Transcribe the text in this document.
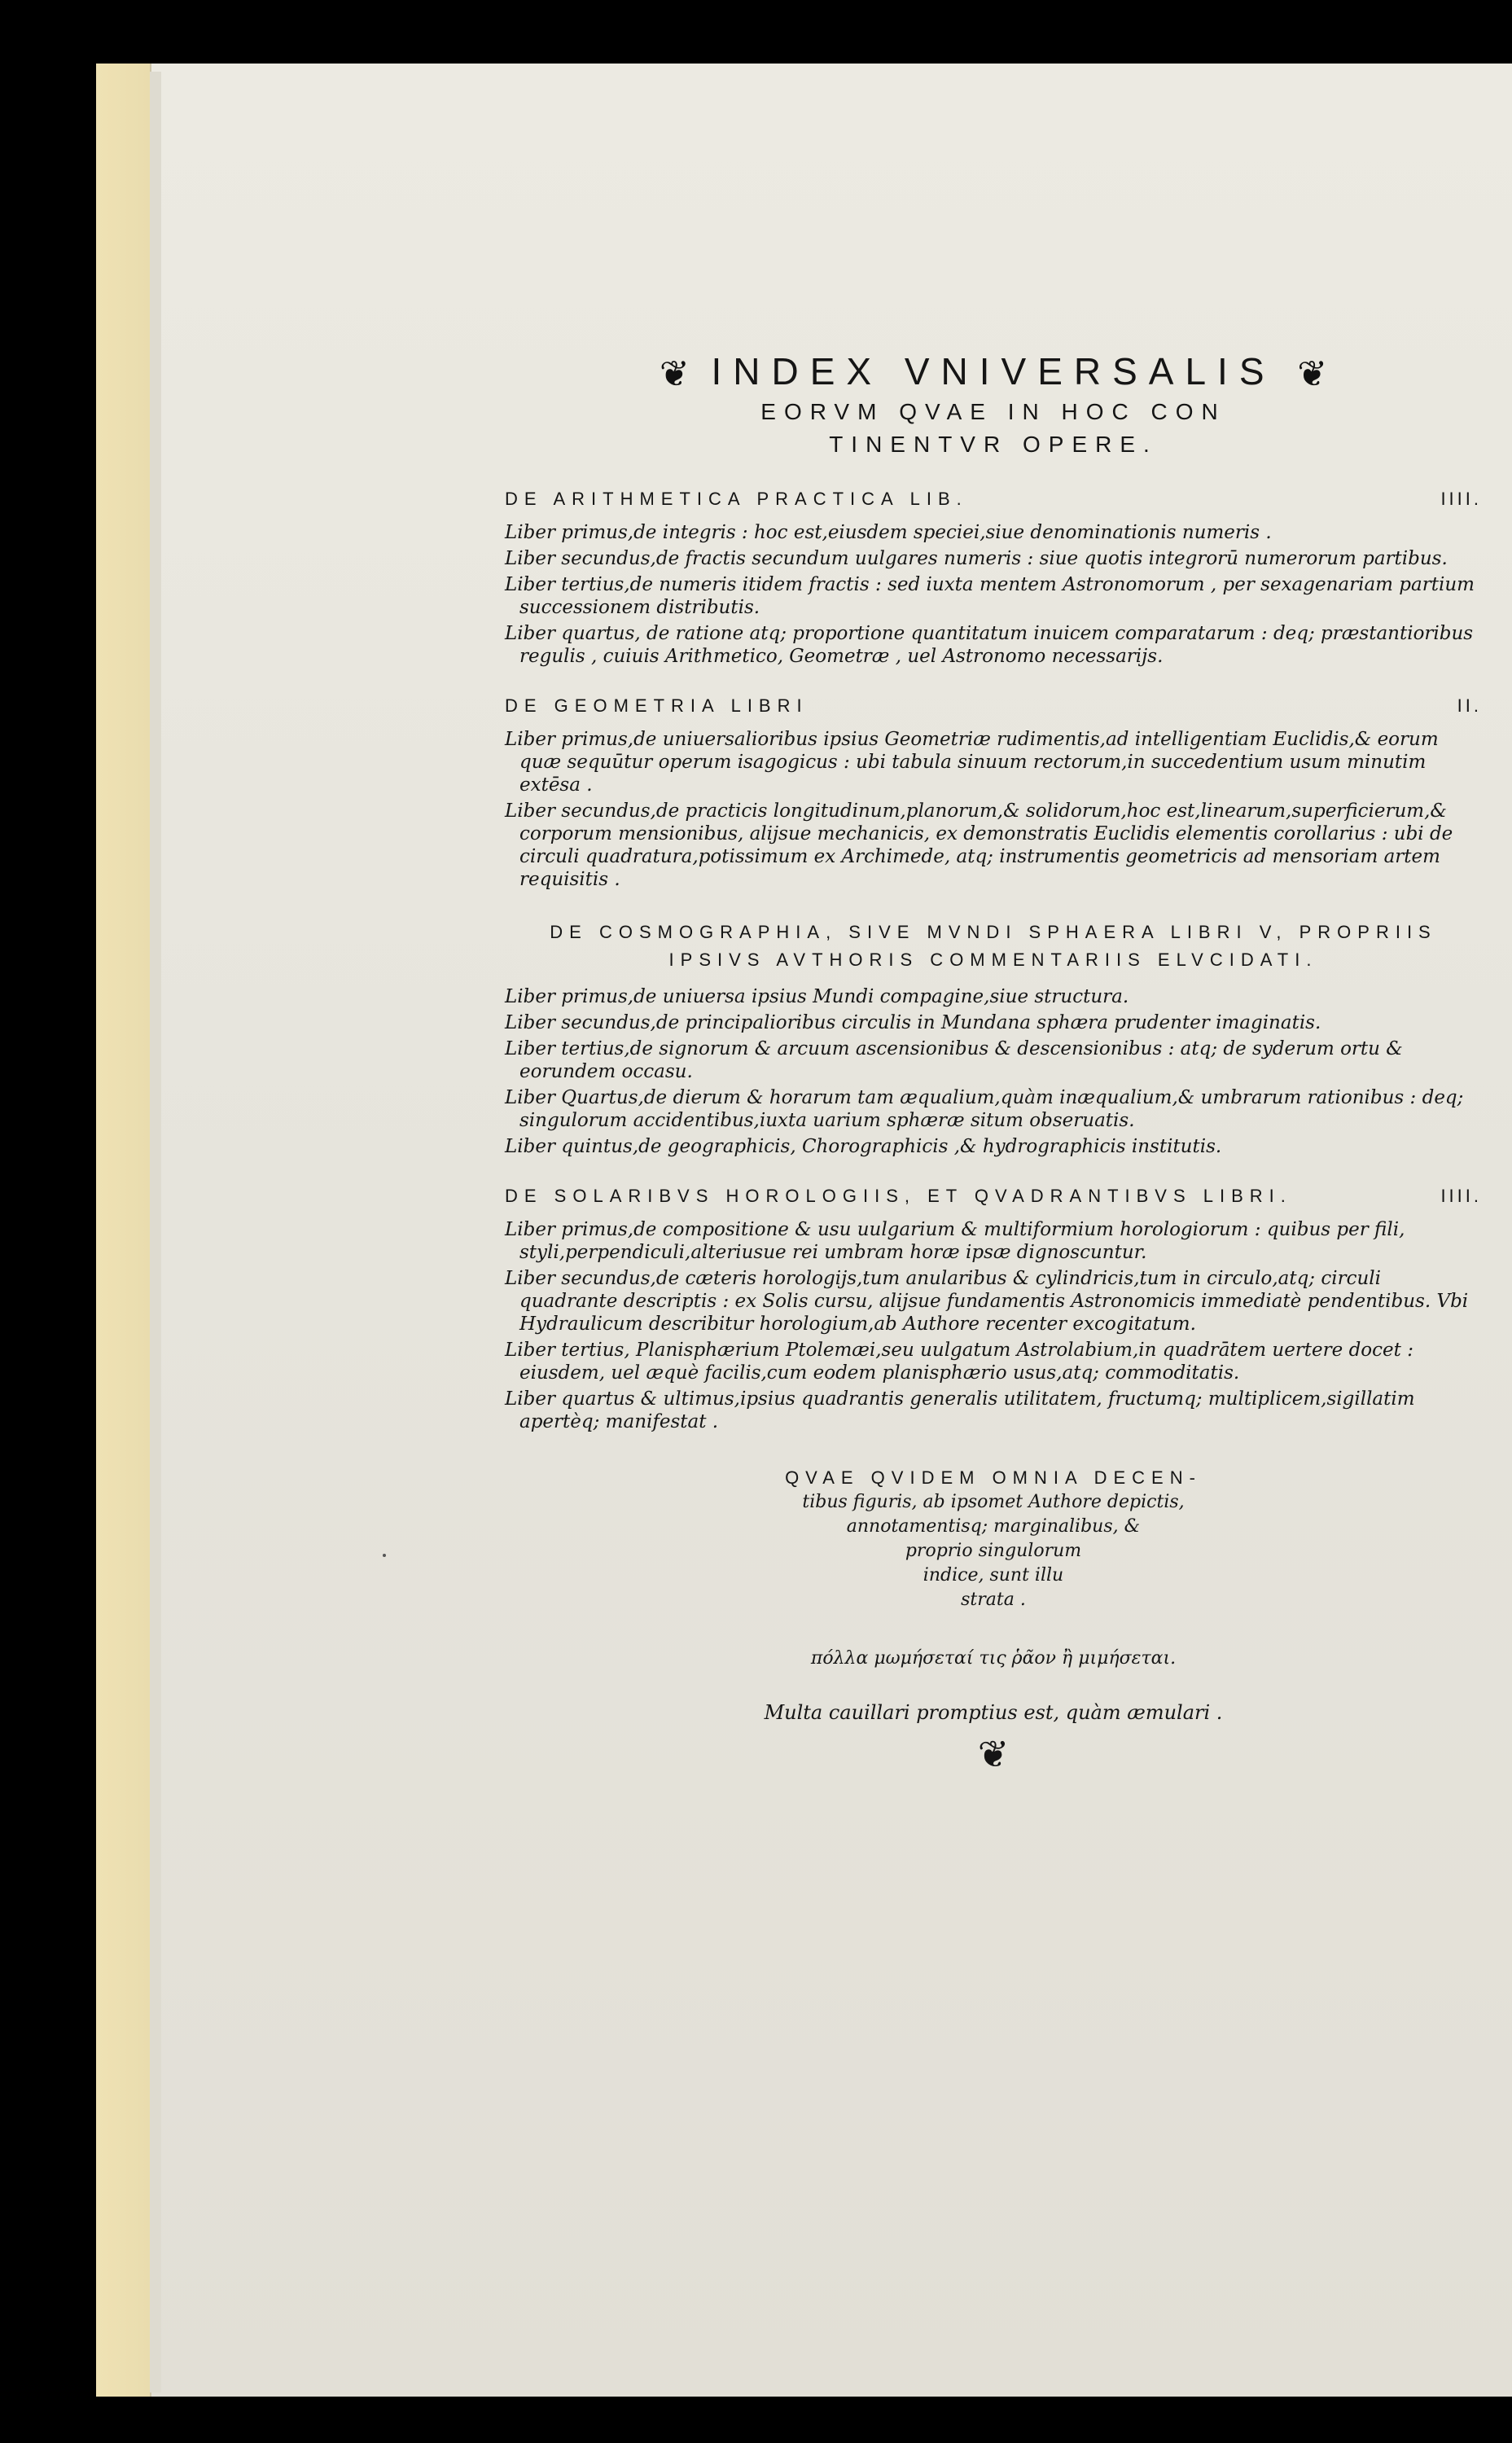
❦ INDEX VNIVERSALIS ❦

EORVM QVAE IN HOC CON

TINENTVR OPERE.

DE ARITHMETICA PRACTICA LIB.	IIII.

Liber primus,de integris : hoc est,eiusdem speciei,siue denominationis numeris .

Liber secundus,de fractis secundum uulgares numeris : siue quotis integrorū numerorum partibus.

Liber tertius,de numeris itidem fractis : sed iuxta mentem Astronomorum , per sexagenariam partium successionem distributis.

Liber quartus, de ratione atq; proportione quantitatum inuicem comparatarum : deq; præstantioribus regulis , cuiuis Arithmetico, Geometræ , uel Astronomo necessarijs.

DE GEOMETRIA LIBRI	II.

Liber primus,de uniuersalioribus ipsius Geometriæ rudimentis,ad intelligentiam Euclidis,& eorum quæ sequūtur operum isagogicus : ubi tabula sinuum rectorum,in succedentium usum minutim extēsa .

Liber secundus,de practicis longitudinum,planorum,& solidorum,hoc est,linearum,superficierum,& corporum mensionibus, alijsue mechanicis, ex demonstratis Euclidis elementis corollarius : ubi de circuli quadratura,potissimum ex Archimede, atq; instrumentis geometricis ad mensoriam artem requisitis .

DE COSMOGRAPHIA, SIVE MVNDI SPHAERA LIBRI V, PROPRIIS IPSIVS AVTHORIS COMMENTARIIS ELVCIDATI.

Liber primus,de uniuersa ipsius Mundi compagine,siue structura.

Liber secundus,de principalioribus circulis in Mundana sphæra prudenter imaginatis.

Liber tertius,de signorum & arcuum ascensionibus & descensionibus : atq; de syderum ortu & eorundem occasu.

Liber Quartus,de dierum & horarum tam æqualium,quàm inæqualium,& umbrarum rationibus : deq; singulorum accidentibus,iuxta uarium sphæræ situm obseruatis.

Liber quintus,de geographicis, Chorographicis ,& hydrographicis institutis.

DE SOLARIBVS HOROLOGIIS, ET QVADRANTIBVS LIBRI.	IIII.

Liber primus,de compositione & usu uulgarium & multiformium horologiorum : quibus per fili, styli,perpendiculi,alteriusue rei umbram horæ ipsæ dignoscuntur.

Liber secundus,de cæteris horologijs,tum anularibus & cylindricis,tum in circulo,atq; circuli quadrante descriptis : ex Solis cursu, alijsue fundamentis Astronomicis immediatè pendentibus. Vbi Hydraulicum describitur horologium,ab Authore recenter excogitatum.

Liber tertius, Planisphærium Ptolemæi,seu uulgatum Astrolabium,in quadrātem uertere docet : eiusdem, uel æquè facilis,cum eodem planisphærio usus,atq; commoditatis.

Liber quartus & ultimus,ipsius quadrantis generalis utilitatem, fructumq; multiplicem,sigillatim apertèq; manifestat .

QVAE QVIDEM OMNIA DECEN-
tibus figuris, ab ipsomet Authore depictis,
annotamentisq; marginalibus, &
proprio singulorum
indice, sunt illu
strata .
πόλλα μωμήσεταί τις ῥᾶον ἢ μιμήσεται.
Multa cauillari promptius est, quàm æmulari .
❦
